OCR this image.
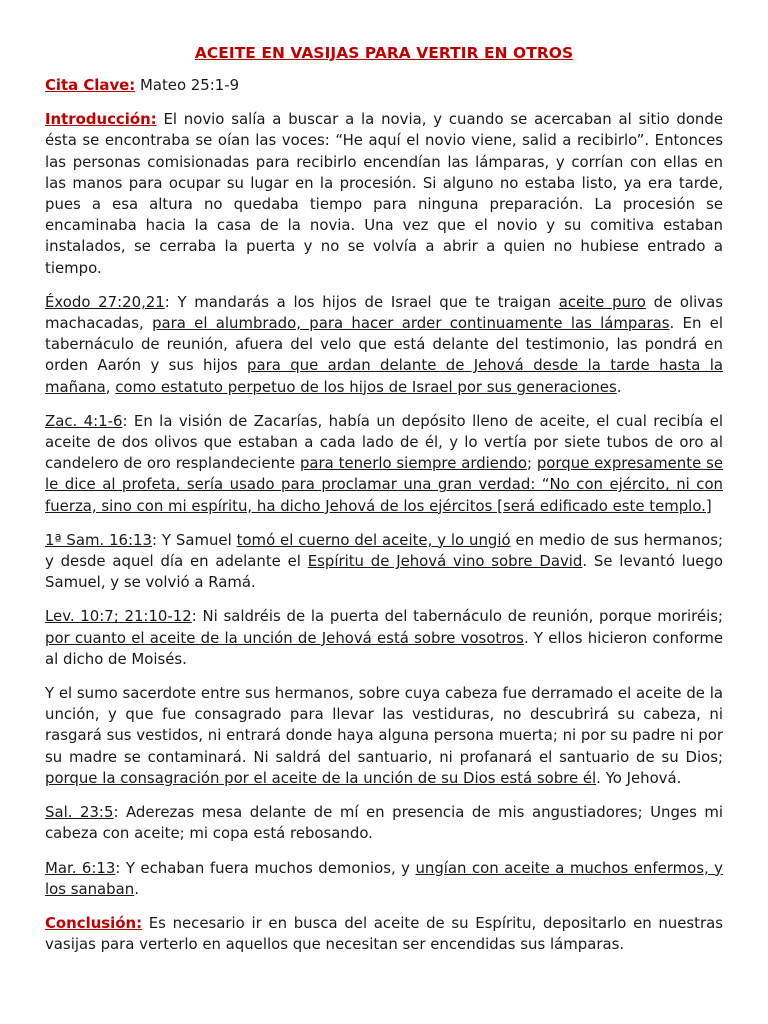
ACEITE EN VASIJAS PARA VERTIR EN OTROS

Cita Clave: Mateo 25:1-9

Introducción: El novio salía a buscar a la novia, y cuando se acercaban al sitio donde ésta se encontraba se oían las voces: “He aquí el novio viene, salid a recibirlo”. Entonces las personas comisionadas para recibirlo encendían las lámparas, y corrían con ellas en las manos para ocupar su lugar en la procesión. Si alguno no estaba listo, ya era tarde, pues a esa altura no quedaba tiempo para ninguna preparación. La procesión se encaminaba hacia la casa de la novia. Una vez que el novio y su comitiva estaban instalados, se cerraba la puerta y no se volvía a abrir a quien no hubiese entrado a tiempo.

Éxodo 27:20,21: Y mandarás a los hijos de Israel que te traigan aceite puro de olivas machacadas, para el alumbrado, para hacer arder continuamente las lámparas. En el tabernáculo de reunión, afuera del velo que está delante del testimonio, las pondrá en orden Aarón y sus hijos para que ardan delante de Jehová desde la tarde hasta la mañana, como estatuto perpetuo de los hijos de Israel por sus generaciones.

Zac. 4:1-6: En la visión de Zacarías, había un depósito lleno de aceite, el cual recibía el aceite de dos olivos que estaban a cada lado de él, y lo vertía por siete tubos de oro al candelero de oro resplandeciente para tenerlo siempre ardiendo; porque expresamente se le dice al profeta, sería usado para proclamar una gran verdad: “No con ejército, ni con fuerza, sino con mi espíritu, ha dicho Jehová de los ejércitos [será edificado este templo.]

1ª Sam. 16:13: Y Samuel tomó el cuerno del aceite, y lo ungió en medio de sus hermanos; y desde aquel día en adelante el Espíritu de Jehová vino sobre David. Se levantó luego Samuel, y se volvió a Ramá.

Lev. 10:7; 21:10-12: Ni saldréis de la puerta del tabernáculo de reunión, porque moriréis; por cuanto el aceite de la unción de Jehová está sobre vosotros. Y ellos hicieron conforme al dicho de Moisés.

Y el sumo sacerdote entre sus hermanos, sobre cuya cabeza fue derramado el aceite de la unción, y que fue consagrado para llevar las vestiduras, no descubrirá su cabeza, ni rasgará sus vestidos, ni entrará donde haya alguna persona muerta; ni por su padre ni por su madre se contaminará. Ni saldrá del santuario, ni profanará el santuario de su Dios; porque la consagración por el aceite de la unción de su Dios está sobre él. Yo Jehová.

Sal. 23:5: Aderezas mesa delante de mí en presencia de mis angustiadores; Unges mi cabeza con aceite; mi copa está rebosando.

Mar. 6:13: Y echaban fuera muchos demonios, y ungían con aceite a muchos enfermos, y los sanaban.

Conclusión: Es necesario ir en busca del aceite de su Espíritu, depositarlo en nuestras vasijas para verterlo en aquellos que necesitan ser encendidas sus lámparas.
